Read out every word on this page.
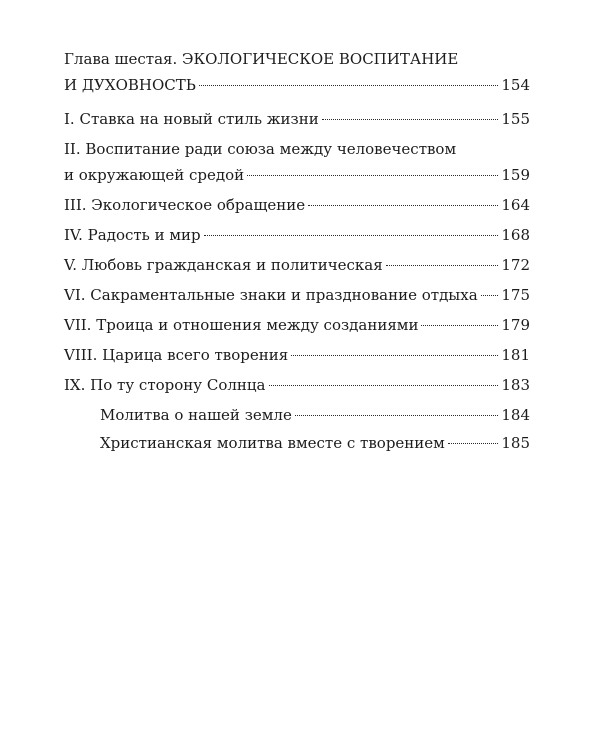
Глава шестая. ЭКОЛОГИЧЕСКОЕ ВОСПИТАНИЕ
И ДУХОВНОСТЬ	154
I. Ставка на новый стиль жизни	155
II. Воспитание ради союза между человечеством
и окружающей средой	159
III. Экологическое обращение	164
IV. Радость и мир	168
V. Любовь гражданская и политическая	172
VI. Сакраментальные знаки и празднование отдыха 175
VII. Троица и отношения между созданиями	179
VIII. Царица всего творения	181
IX. По ту сторону Солнца	183
Молитва о нашей земле	184
Христианская молитва вместе с творением	185
